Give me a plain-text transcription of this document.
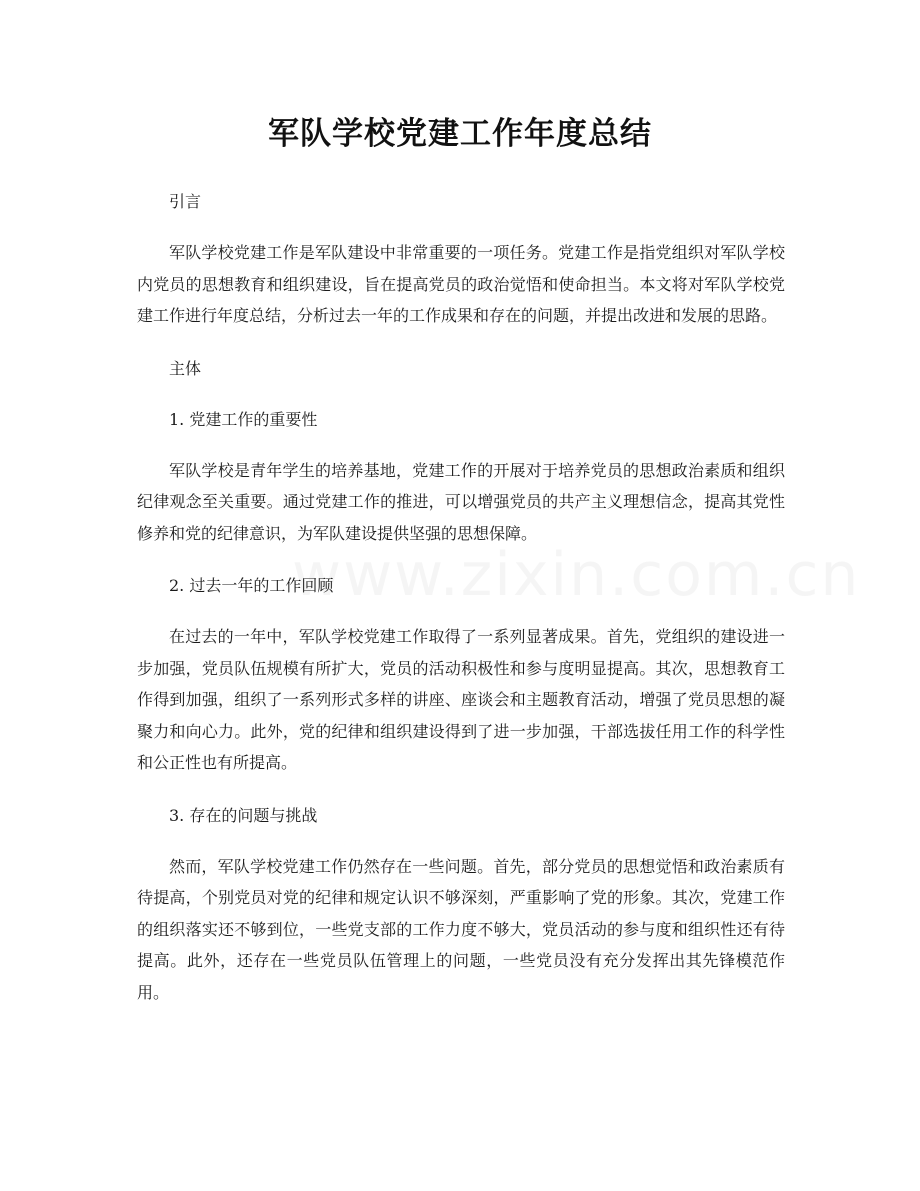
www.zixin.com.cn
军队学校党建工作年度总结

引言

军队学校党建工作是军队建设中非常重要的一项任务。党建工作是指党组织对军队学校内党员的思想教育和组织建设，旨在提高党员的政治觉悟和使命担当。本文将对军队学校党建工作进行年度总结，分析过去一年的工作成果和存在的问题，并提出改进和发展的思路。

主体

1. 党建工作的重要性

军队学校是青年学生的培养基地，党建工作的开展对于培养党员的思想政治素质和组织纪律观念至关重要。通过党建工作的推进，可以增强党员的共产主义理想信念，提高其党性修养和党的纪律意识，为军队建设提供坚强的思想保障。

2. 过去一年的工作回顾

在过去的一年中，军队学校党建工作取得了一系列显著成果。首先，党组织的建设进一步加强，党员队伍规模有所扩大，党员的活动积极性和参与度明显提高。其次，思想教育工作得到加强，组织了一系列形式多样的讲座、座谈会和主题教育活动，增强了党员思想的凝聚力和向心力。此外，党的纪律和组织建设得到了进一步加强，干部选拔任用工作的科学性和公正性也有所提高。

3. 存在的问题与挑战

然而，军队学校党建工作仍然存在一些问题。首先，部分党员的思想觉悟和政治素质有待提高，个别党员对党的纪律和规定认识不够深刻，严重影响了党的形象。其次，党建工作的组织落实还不够到位，一些党支部的工作力度不够大，党员活动的参与度和组织性还有待提高。此外，还存在一些党员队伍管理上的问题，一些党员没有充分发挥出其先锋模范作用。
